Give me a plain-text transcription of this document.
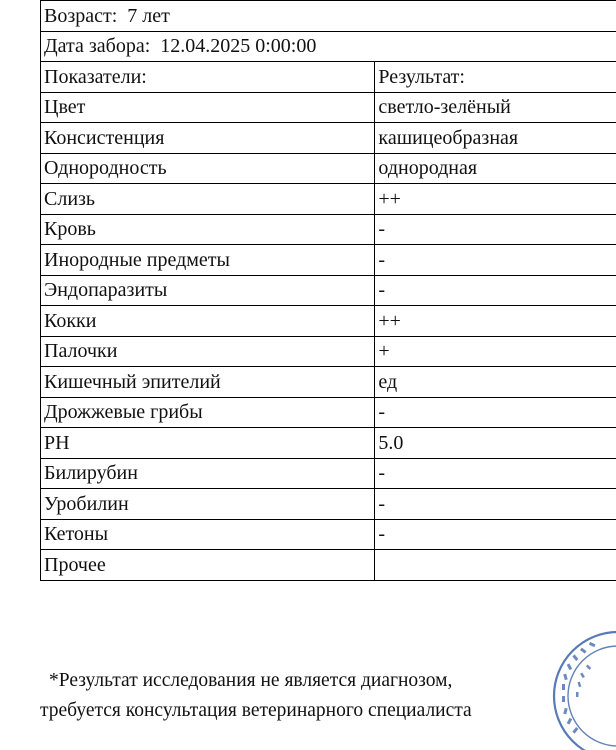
Возраст: 7 лет	
Дата забора: 12.04.2025 0:00:00	
Показатели:	Результат:
Цвет	светло-зелёный
Консистенция	кашицеобразная
Однородность	однородная
Слизь	++
Кровь	-
Инородные предметы	-
Эндопаразиты	-
Кокки	++
Палочки	+
Кишечный эпителий	ед
Дрожжевые грибы	-
PH	5.0
Билирубин	-
Уробилин	-
Кетоны	-
Прочее	
*Результат исследования не является диагнозом,
требуется консультация ветеринарного специалиста
